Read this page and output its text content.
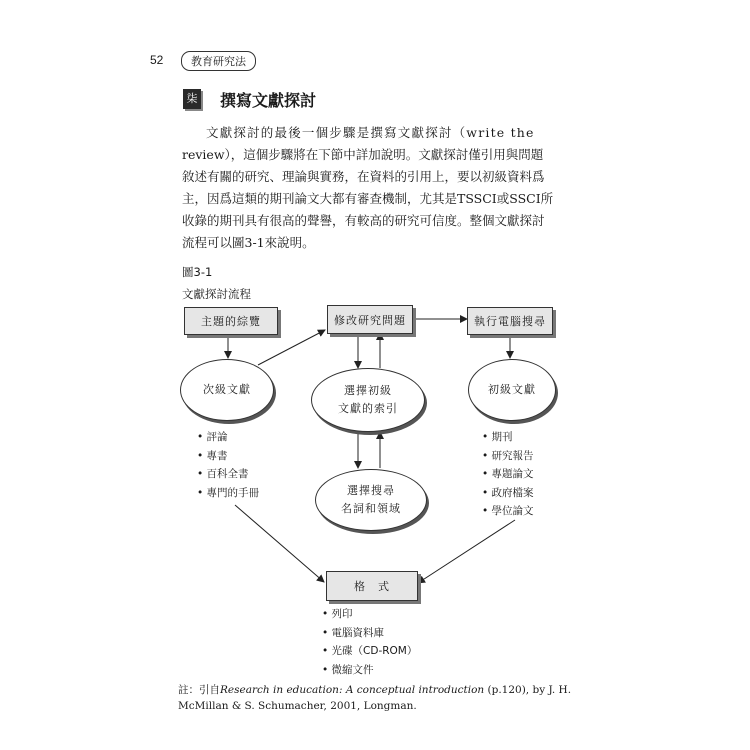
52	教育研究法
柒 撰寫文獻探討
文獻探討的最後一個步驟是撰寫文獻探討（write the
review），這個步驟將在下節中詳加說明。文獻探討僅引用與問題
敘述有關的研究、理論與實務，在資料的引用上，要以初級資料爲
主，因爲這類的期刊論文大都有審查機制，尤其是TSSCI或SSCI所
收錄的期刊具有很高的聲譽，有較高的研究可信度。整個文獻探討
流程可以圖3-1來說明。
圖3-1
文獻探討流程
主題的綜覽	修改研究問題	執行電腦搜尋
格　式
次級文獻	選擇初級
文獻的索引
初級文獻
選擇搜尋
名詞和領域
• 評論
• 專書
• 百科全書
• 專門的手冊
• 期刊
• 研究報告
• 專題論文
• 政府檔案
• 學位論文
• 列印
• 電腦資料庫
• 光碟（CD-ROM）
• 微縮文件
註：引自Research in education: A conceptual introduction (p.120), by J. H.
McMillan & S. Schumacher, 2001, Longman.
